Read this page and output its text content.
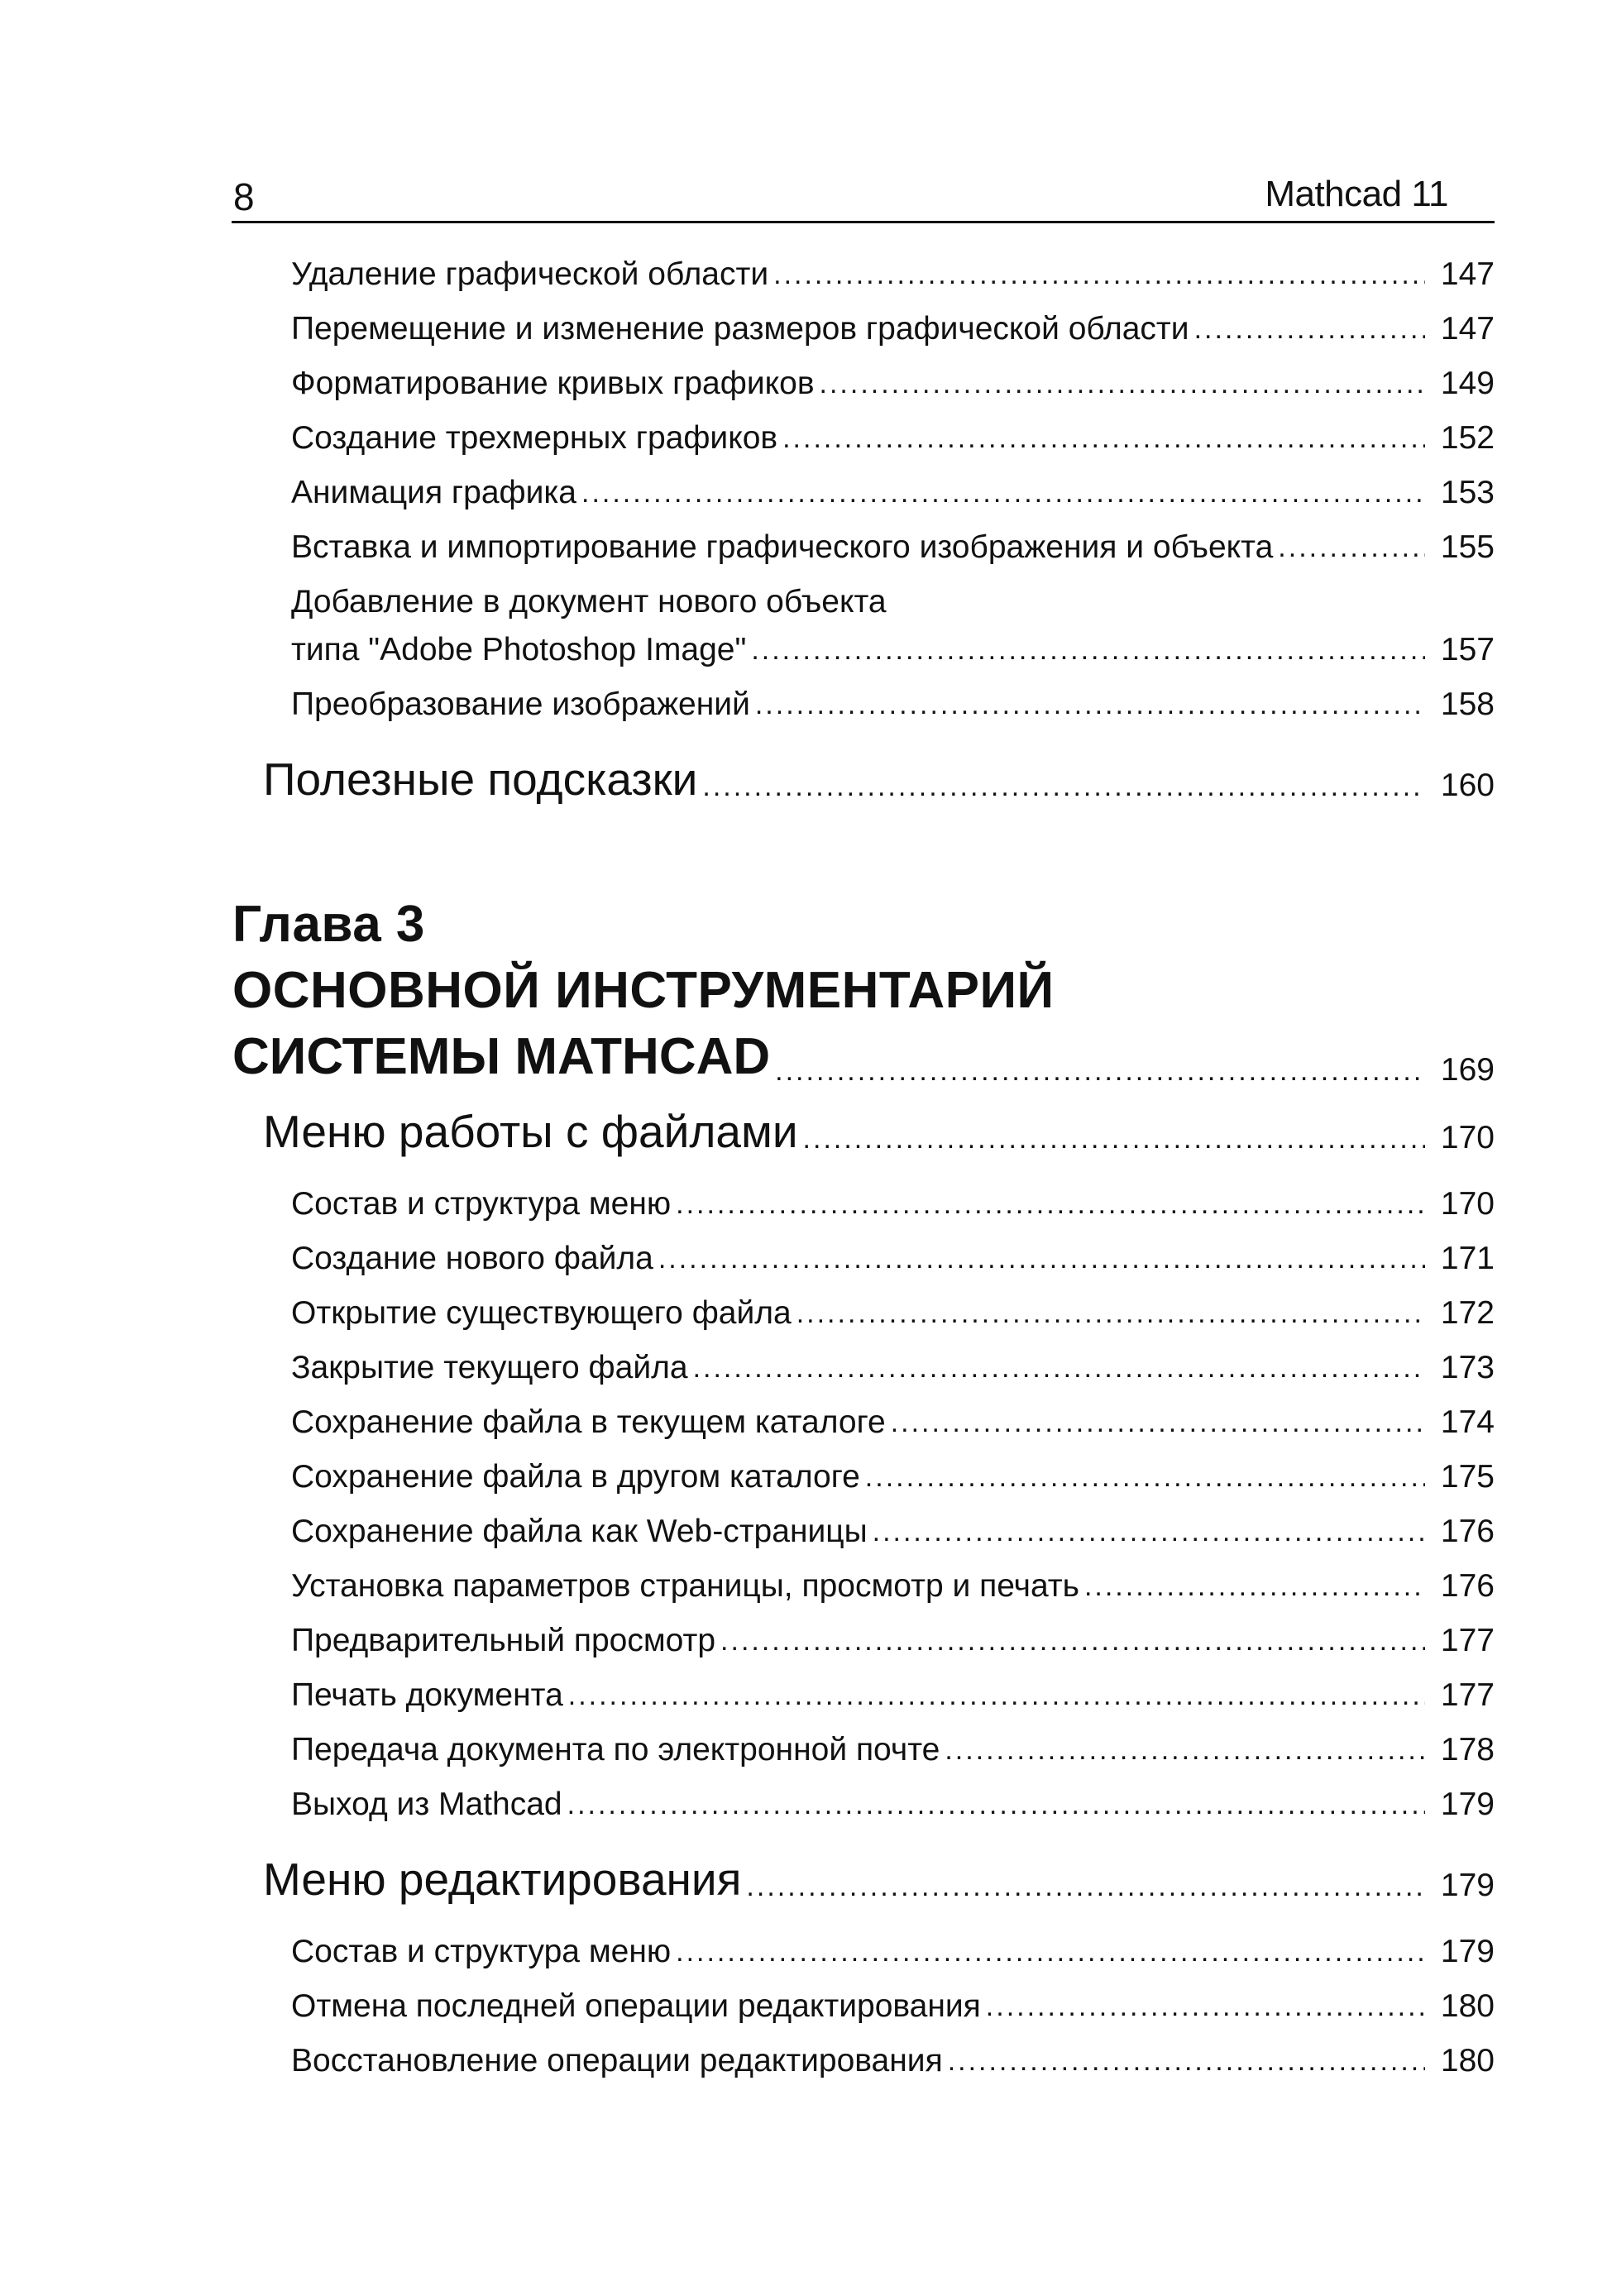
8	Mathcad 11
Удаление графической области .....	147
Перемещение и изменение размеров графической области .....	147
Форматирование кривых графиков .....	149
Создание трехмерных графиков .....	152
Анимация графика .....	153
Вставка и импортирование графического изображения и объекта .....	155
Добавление в документ нового объекта
типа "Adobe Photoshop Image" .....	157
Преобразование изображений .....	158
Полезные подсказки .....	160
Глава 3
ОСНОВНОЙ ИНСТРУМЕНТАРИЙ
СИСТЕМЫ MATHCAD .....	169
Меню работы с файлами .....	170
Состав и структура меню .....	170
Создание нового файла .....	171
Открытие существующего файла .....	172
Закрытие текущего файла .....	173
Сохранение файла в текущем каталоге .....	174
Сохранение файла в другом каталоге .....	175
Сохранение файла как Web-страницы .....	176
Установка параметров страницы, просмотр и печать .....	176
Предварительный просмотр .....	177
Печать документа .....	177
Передача документа по электронной почте .....	178
Выход из Mathcad .....	179
Меню редактирования .....	179
Состав и структура меню .....	179
Отмена последней операции редактирования .....	180
Восстановление операции редактирования .....	180
